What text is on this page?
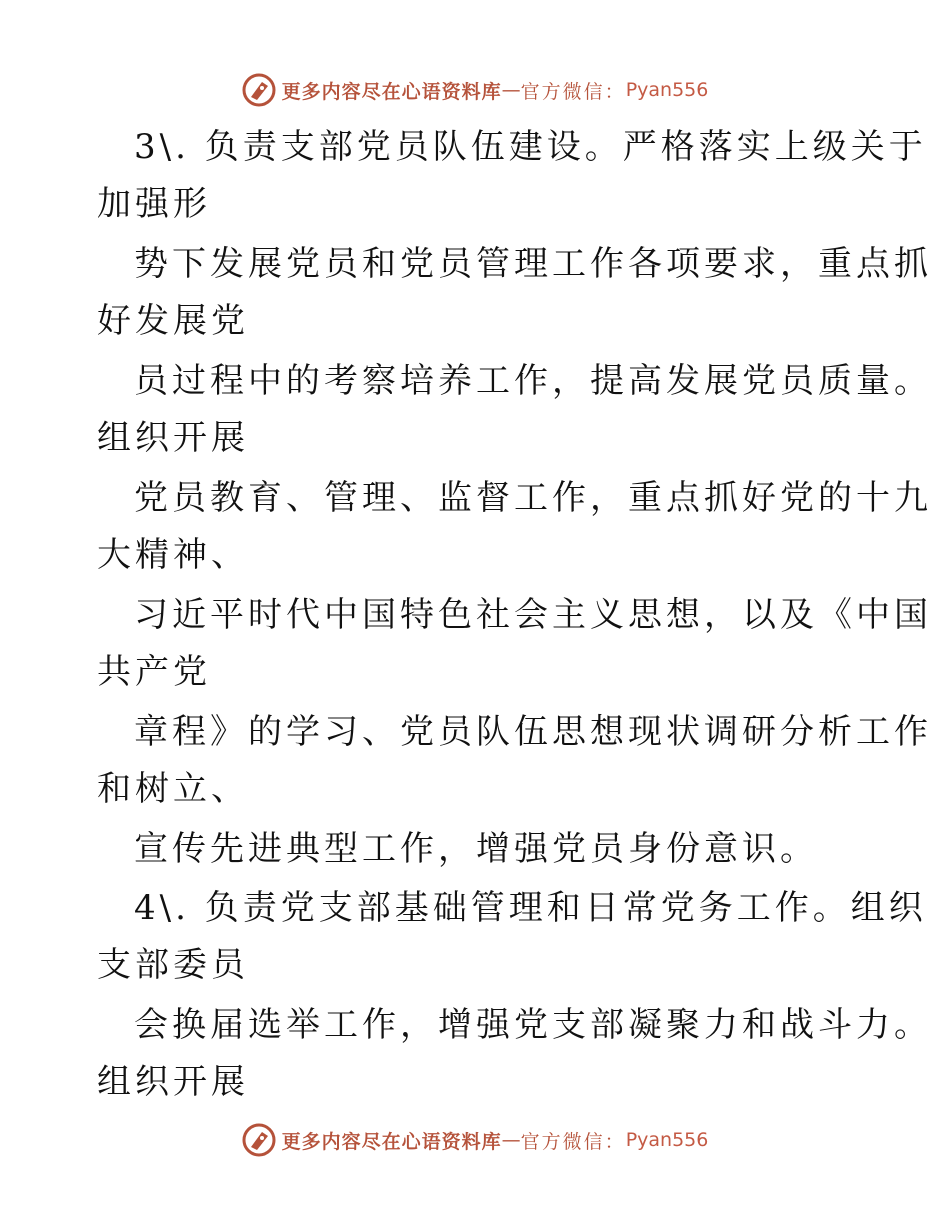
更多内容尽在心语资料库 — 官方微信： Pyan556
3\. 负责支部党员队伍建设。严格落实上级关于
加强形
势下发展党员和党员管理工作各项要求，重点抓
好发展党
员过程中的考察培养工作，提高发展党员质量。
组织开展
党员教育、管理、监督工作，重点抓好党的十九
大精神、
习近平时代中国特色社会主义思想，以及《中国
共产党
章程》的学习、党员队伍思想现状调研分析工作
和树立、
宣传先进典型工作，增强党员身份意识。
4\. 负责党支部基础管理和日常党务工作。组织
支部委员
会换届选举工作，增强党支部凝聚力和战斗力。
组织开展
更多内容尽在心语资料库 — 官方微信： Pyan556
